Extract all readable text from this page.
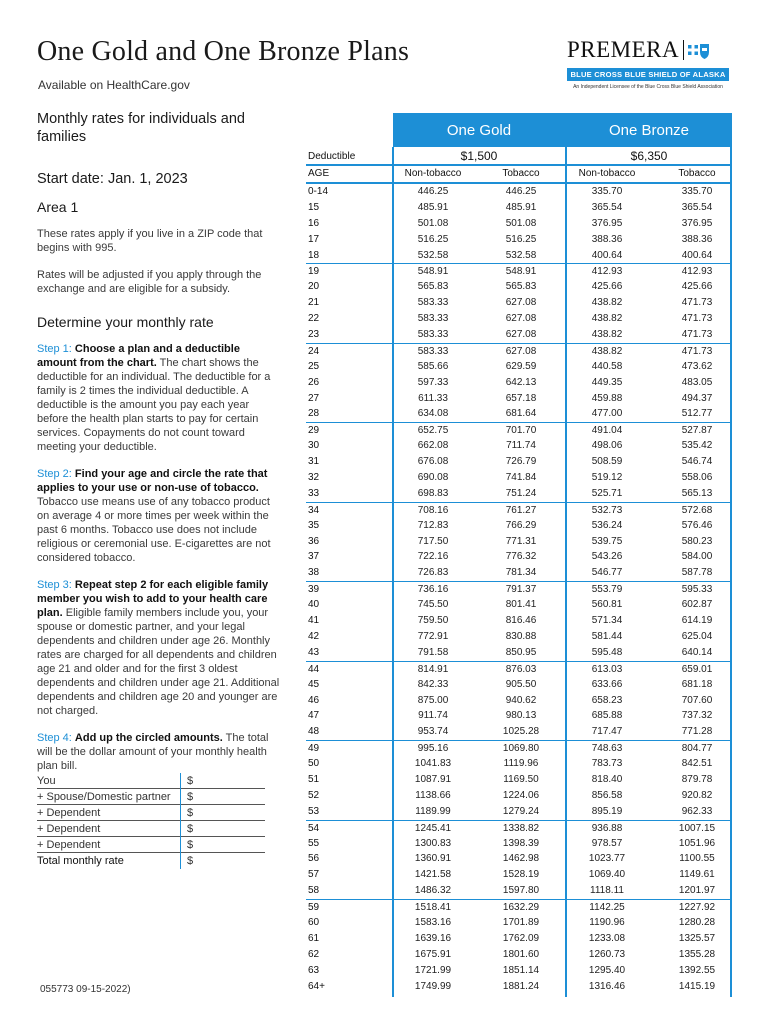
One Gold and One Bronze Plans
Available on HealthCare.gov
PREMERA
BLUE CROSS BLUE SHIELD OF ALASKA
An Independent Licensee of the Blue Cross Blue Shield Association
Monthly rates for individuals and families
Start date: Jan. 1, 2023
Area 1
These rates apply if you live in a ZIP code that begins with 995.
Rates will be adjusted if you apply through the exchange and are eligible for a subsidy.
Determine your monthly rate
Step 1: Choose a plan and a deductible amount from the chart. The chart shows the deductible for an individual. The deductible for a family is 2 times the individual deductible. A deductible is the amount you pay each year before the health plan starts to pay for certain services. Copayments do not count toward meeting your deductible.
Step 2: Find your age and circle the rate that applies to your use or non-use of tobacco. Tobacco use means use of any tobacco product on average 4 or more times per week within the past 6 months. Tobacco use does not include religious or ceremonial use. E-cigarettes are not considered tobacco.
Step 3: Repeat step 2 for each eligible family member you wish to add to your health care plan. Eligible family members include you, your spouse or domestic partner, and your legal dependents and children under age 26. Monthly rates are charged for all dependents and children age 21 and older and for the first 3 oldest dependents and children under age 21. Additional dependents and children age 20 and younger are not charged.
Step 4: Add up the circled amounts. The total will be the dollar amount of your monthly health plan bill.
You	$
+ Spouse/Domestic partner	$
+ Dependent	$
+ Dependent	$
+ Dependent	$
Total monthly rate	$
055773 09-15-2022)
One Gold	One Bronze
Deductible	$1,500	$6,350
AGE	Non-tobacco	Tobacco	Non-tobacco	Tobacco
0-14	446.25	446.25	335.70	335.70
15	485.91	485.91	365.54	365.54
16	501.08	501.08	376.95	376.95
17	516.25	516.25	388.36	388.36
18	532.58	532.58	400.64	400.64
19	548.91	548.91	412.93	412.93
20	565.83	565.83	425.66	425.66
21	583.33	627.08	438.82	471.73
22	583.33	627.08	438.82	471.73
23	583.33	627.08	438.82	471.73
24	583.33	627.08	438.82	471.73
25	585.66	629.59	440.58	473.62
26	597.33	642.13	449.35	483.05
27	611.33	657.18	459.88	494.37
28	634.08	681.64	477.00	512.77
29	652.75	701.70	491.04	527.87
30	662.08	711.74	498.06	535.42
31	676.08	726.79	508.59	546.74
32	690.08	741.84	519.12	558.06
33	698.83	751.24	525.71	565.13
34	708.16	761.27	532.73	572.68
35	712.83	766.29	536.24	576.46
36	717.50	771.31	539.75	580.23
37	722.16	776.32	543.26	584.00
38	726.83	781.34	546.77	587.78
39	736.16	791.37	553.79	595.33
40	745.50	801.41	560.81	602.87
41	759.50	816.46	571.34	614.19
42	772.91	830.88	581.44	625.04
43	791.58	850.95	595.48	640.14
44	814.91	876.03	613.03	659.01
45	842.33	905.50	633.66	681.18
46	875.00	940.62	658.23	707.60
47	911.74	980.13	685.88	737.32
48	953.74	1025.28	717.47	771.28
49	995.16	1069.80	748.63	804.77
50	1041.83	1119.96	783.73	842.51
51	1087.91	1169.50	818.40	879.78
52	1138.66	1224.06	856.58	920.82
53	1189.99	1279.24	895.19	962.33
54	1245.41	1338.82	936.88	1007.15
55	1300.83	1398.39	978.57	1051.96
56	1360.91	1462.98	1023.77	1100.55
57	1421.58	1528.19	1069.40	1149.61
58	1486.32	1597.80	1118.11	1201.97
59	1518.41	1632.29	1142.25	1227.92
60	1583.16	1701.89	1190.96	1280.28
61	1639.16	1762.09	1233.08	1325.57
62	1675.91	1801.60	1260.73	1355.28
63	1721.99	1851.14	1295.40	1392.55
64+	1749.99	1881.24	1316.46	1415.19
